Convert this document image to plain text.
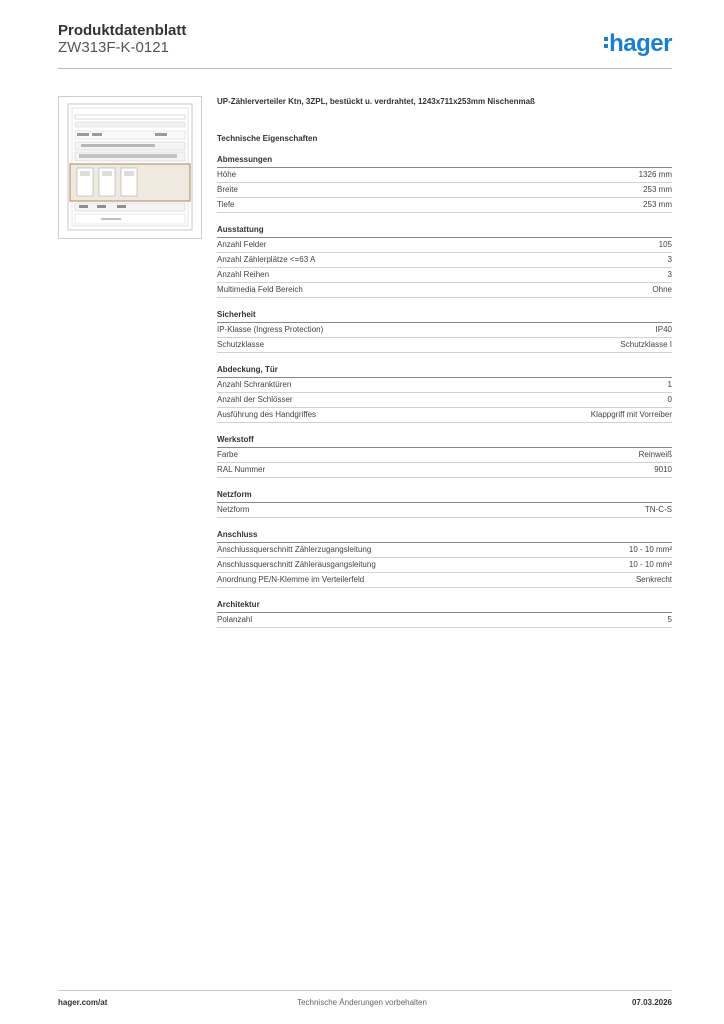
Produktdatenblatt
ZW313F-K-0121	hager
UP-Zählerverteiler Ktn, 3ZPL, bestückt u. verdrahtet, 1243x711x253mm Nischenmaß
Technische Eigenschaften
Abmessungen
Höhe	1326 mm
Breite	253 mm
Tiefe	253 mm
Ausstattung
Anzahl Felder	105
Anzahl Zählerplätze <=63 A	3
Anzahl Reihen	3
Multimedia Feld Bereich	Ohne
Sicherheit
IP-Klasse (Ingress Protection)	IP40
Schutzklasse	Schutzklasse I
Abdeckung, Tür
Anzahl Schranktüren	1
Anzahl der Schlösser	0
Ausführung des Handgriffes	Klappgriff mit Vorreiber
Werkstoff
Farbe	Reinweiß
RAL Nummer	9010
Netzform
Netzform	TN-C-S
Anschluss
Anschlussquerschnitt Zählerzugangsleitung	10 - 10 mm²
Anschlussquerschnitt Zählerausgangsleitung	10 - 10 mm²
Anordnung PE/N-Klemme im Verteilerfeld	Senkrecht
Architektur
Polanzahl	5
hager.com/at	Technische Änderungen vorbehalten	07.03.2026
